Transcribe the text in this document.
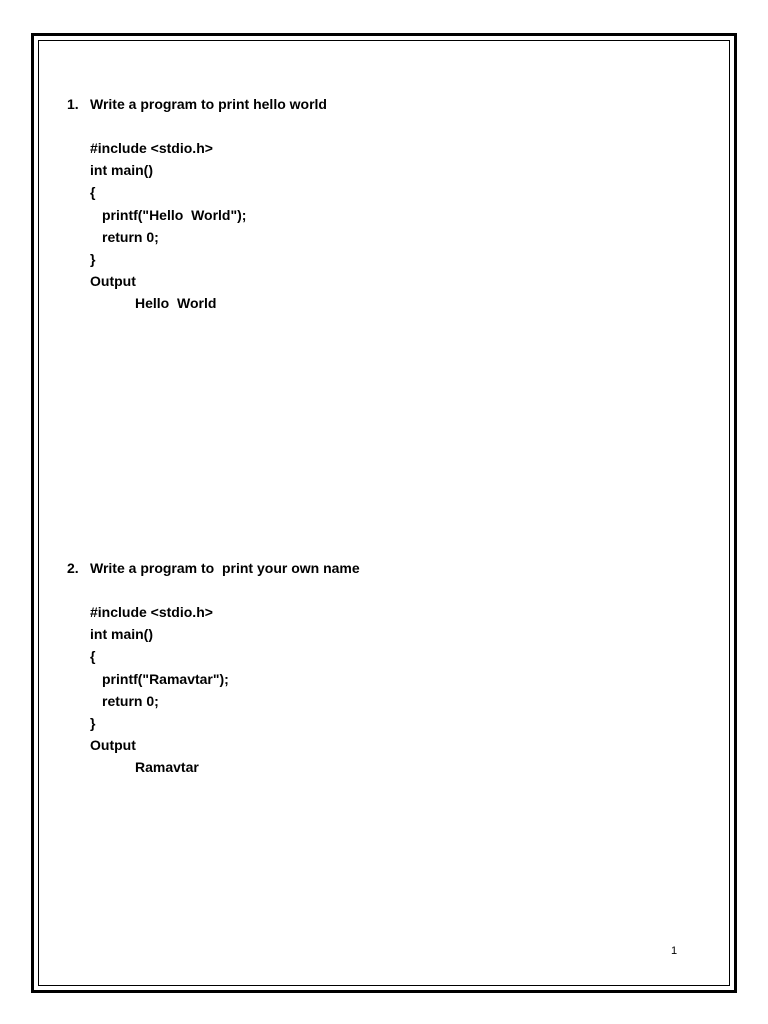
1. Write a program to print hello world
#include <stdio.h>
int main()
{
printf("Hello  World");
return 0;
}
Output
Hello  World
2. Write a program to  print your own name
#include <stdio.h>
int main()
{
printf("Ramavtar");
return 0;
}
Output
Ramavtar
1
